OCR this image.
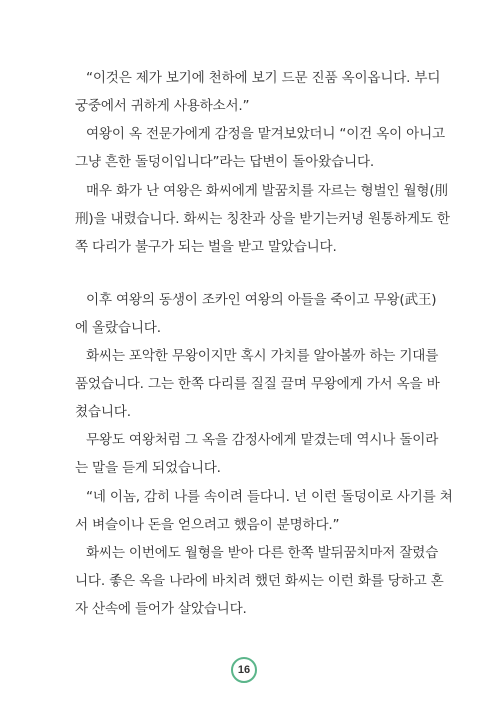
“이것은 제가 보기에 천하에 보기 드문 진품 옥이옵니다. 부디
궁중에서 귀하게 사용하소서.”
여왕이 옥 전문가에게 감정을 맡겨보았더니 “이건 옥이 아니고
그냥 흔한 돌덩이입니다”라는 답변이 돌아왔습니다.
매우 화가 난 여왕은 화씨에게 발꿈치를 자르는 형벌인 월형(刖
刑)을 내렸습니다. 화씨는 칭찬과 상을 받기는커녕 원통하게도 한
쪽 다리가 불구가 되는 벌을 받고 말았습니다.
이후 여왕의 동생이 조카인 여왕의 아들을 죽이고 무왕(武王)
에 올랐습니다.
화씨는 포악한 무왕이지만 혹시 가치를 알아볼까 하는 기대를
품었습니다. 그는 한쪽 다리를 질질 끌며 무왕에게 가서 옥을 바
쳤습니다.
무왕도 여왕처럼 그 옥을 감정사에게 맡겼는데 역시나 돌이라
는 말을 듣게 되었습니다.
“네 이놈, 감히 나를 속이려 들다니. 넌 이런 돌덩이로 사기를 쳐
서 벼슬이나 돈을 얻으려고 했음이 분명하다.”
화씨는 이번에도 월형을 받아 다른 한쪽 발뒤꿈치마저 잘렸습
니다. 좋은 옥을 나라에 바치려 했던 화씨는 이런 화를 당하고 혼
자 산속에 들어가 살았습니다.
16
